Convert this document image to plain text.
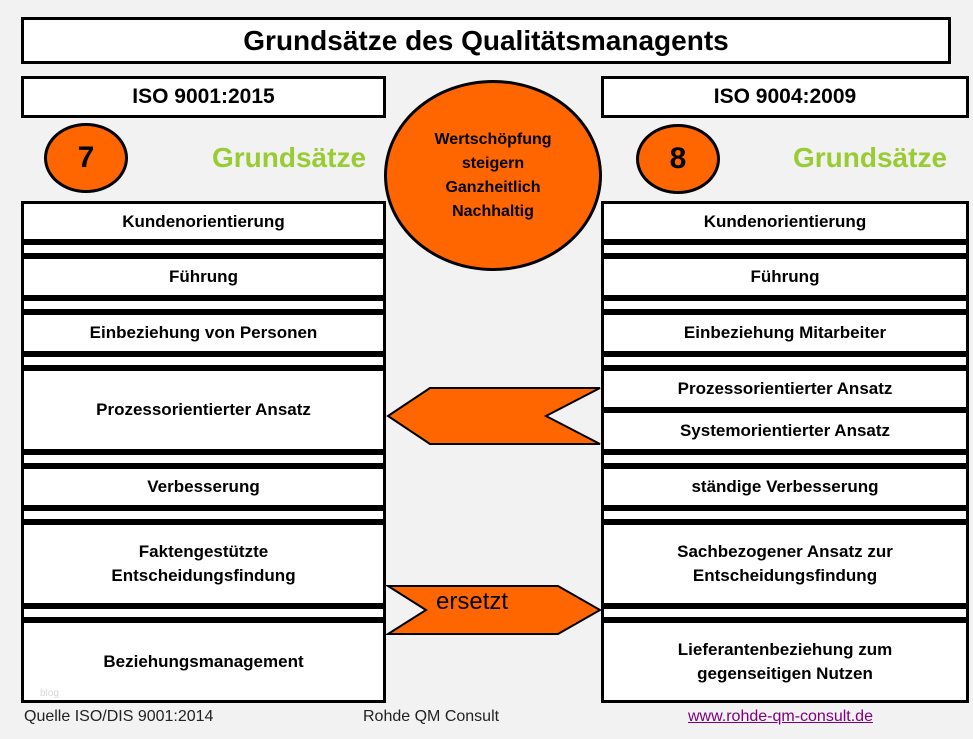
Grundsätze des Qualitätsmanagents
ISO 9001:2015	ISO 9004:2009
7	8
Grundsätze	Grundsätze
Wertschöpfung
steigern
Ganzheitlich
Nachhaltig
Kundenorientierung
Führung
Einbeziehung von Personen
Prozessorientierter Ansatz
Verbesserung
Faktengestützte
Entscheidungsfindung
Beziehungsmanagement
Kundenorientierung
Führung
Einbeziehung Mitarbeiter
Prozessorientierter Ansatz
Systemorientierter Ansatz
ständige Verbesserung
Sachbezogener Ansatz zur
Entscheidungsfindung
Lieferantenbeziehung zum
gegenseitigen Nutzen
ersetzt
blog
Quelle ISO/DIS 9001:2014	Rohde QM Consult	www.rohde-qm-consult.de
